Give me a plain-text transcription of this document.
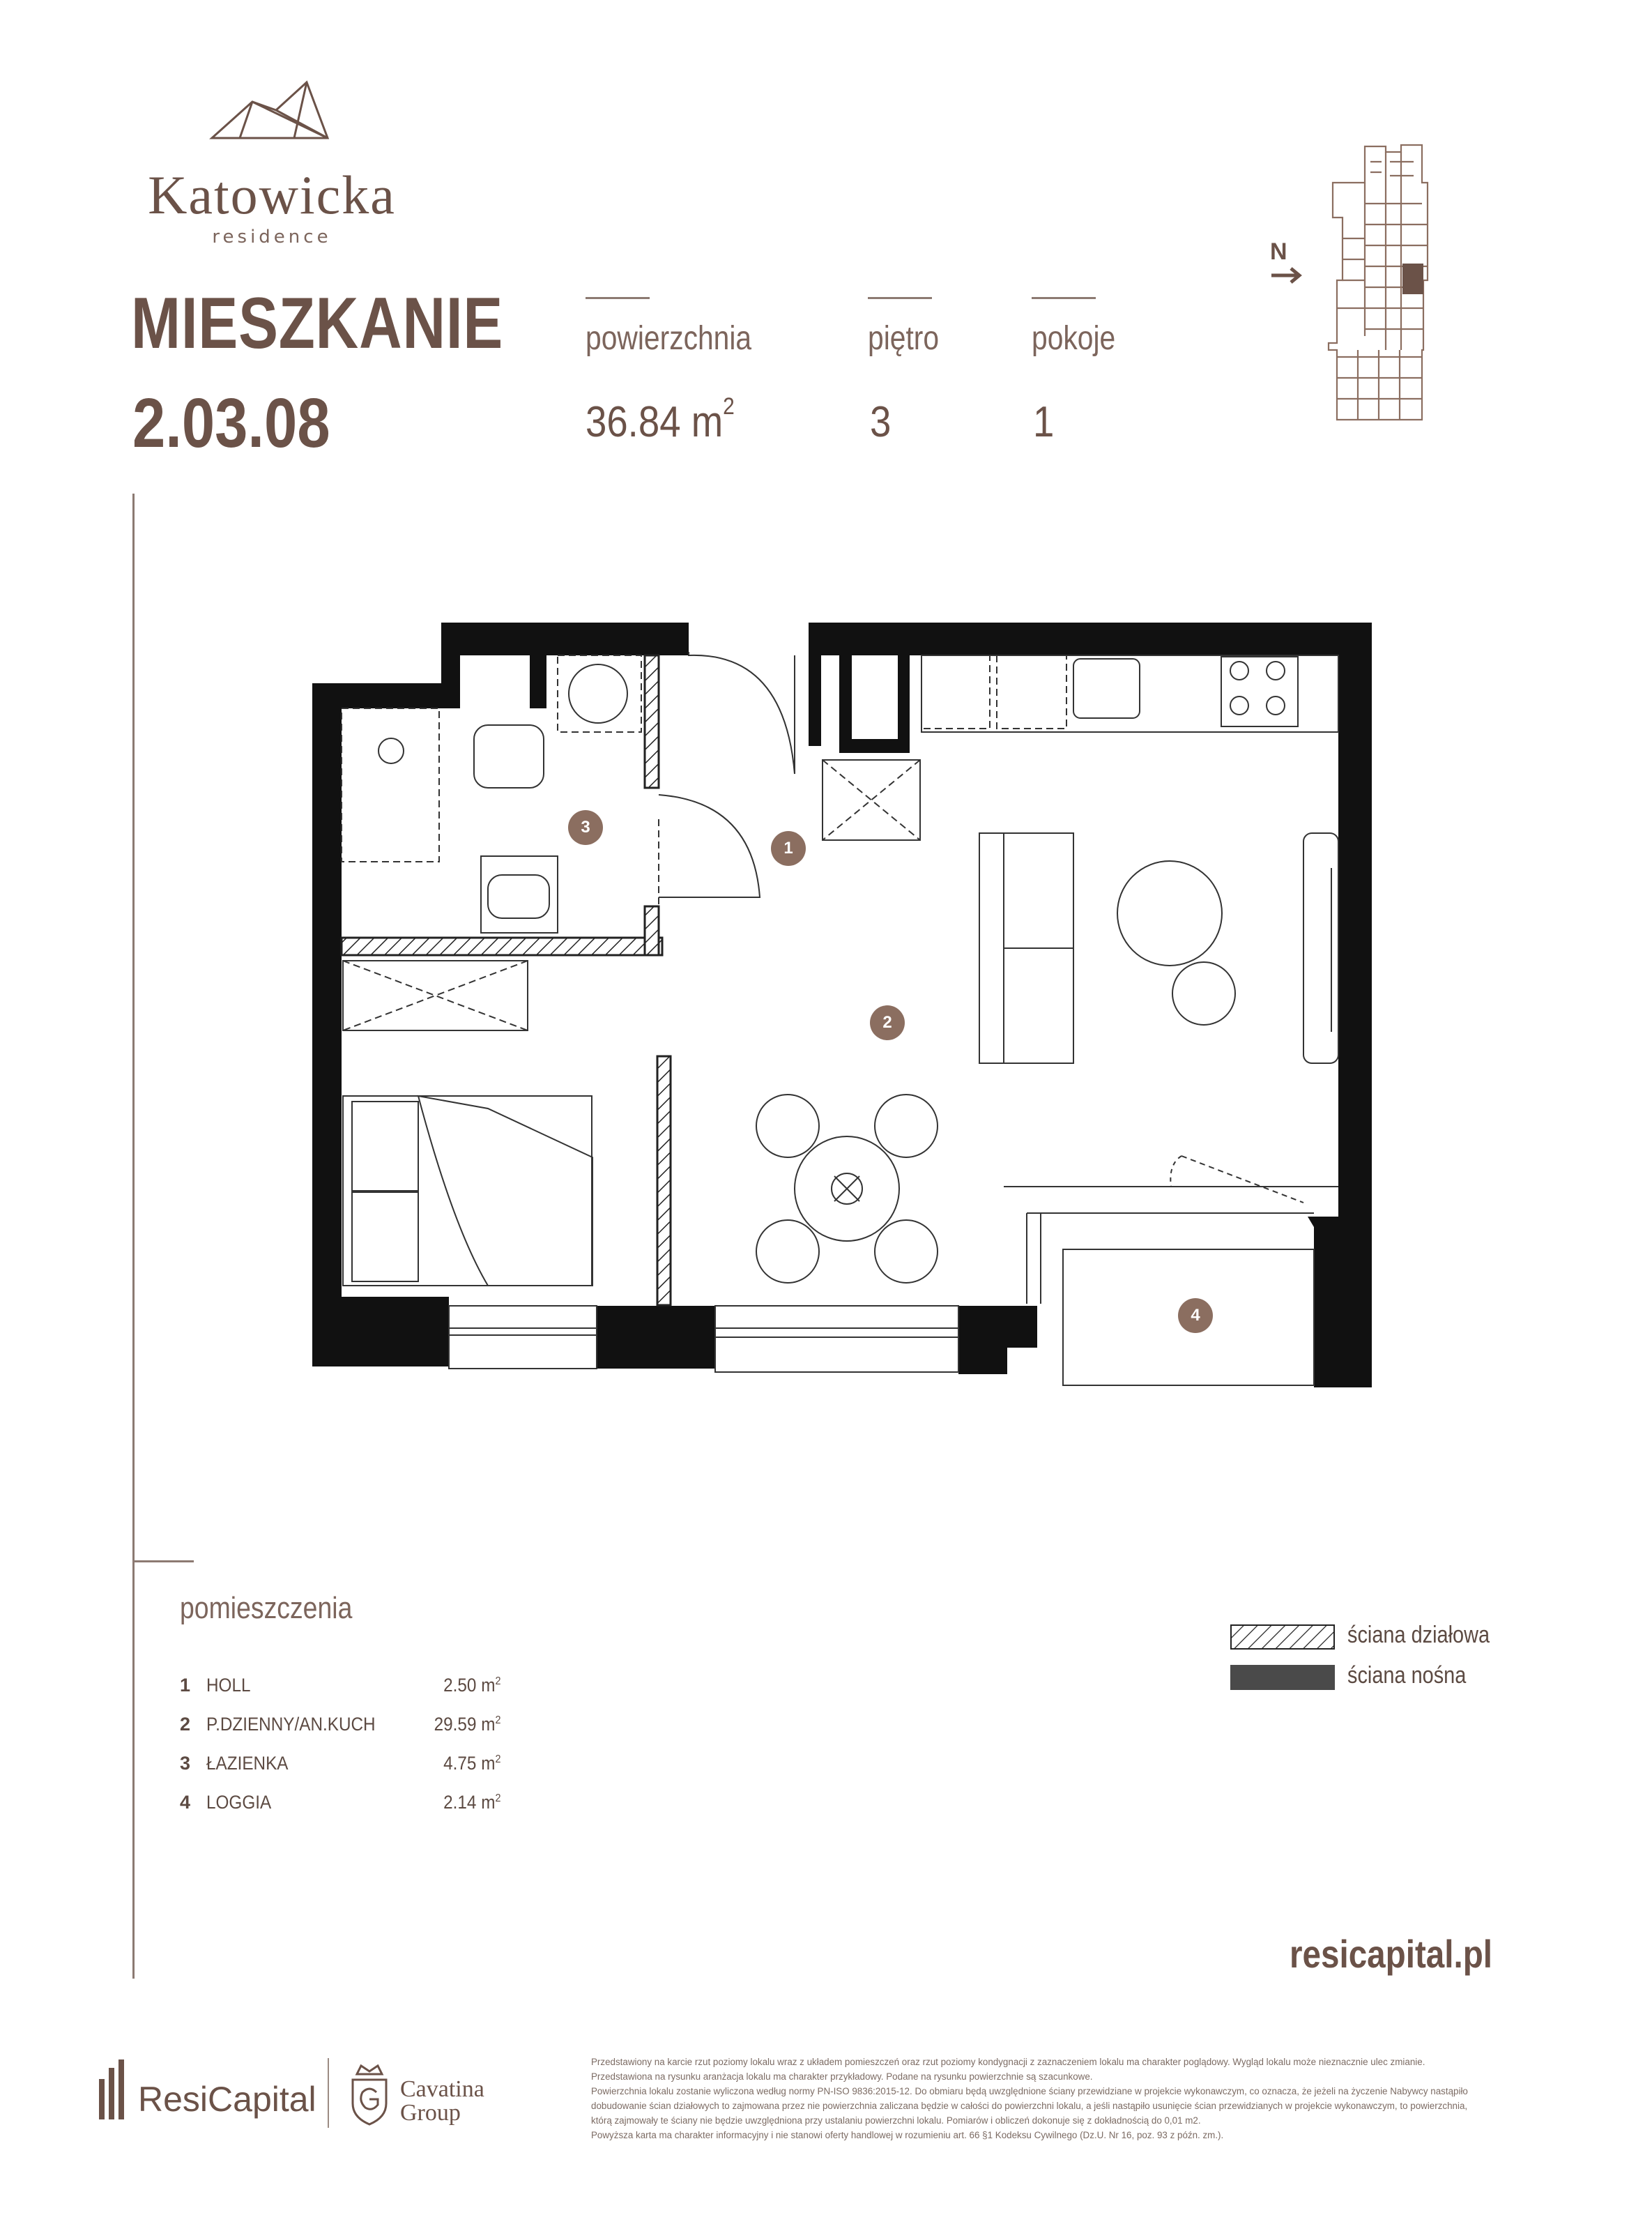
Katowicka
residence
MIESZKANIE
2.03.08
powierzchnia
36.84 $m^2$
piętro
3
pokoje
1
N
1
2
3
4
pomieszczenia
1 HOLL	2.50 $m^2$
2 P.DZIENNY/AN.KUCH	29.59 $m^2$
3 ŁAZIENKA	4.75 $m^2$
4 LOGGIA	2.14 $m^2$
ściana działowa
ściana nośna
resicapital.pl
ResiCapital	Cavatina
Group
Przedstawiony na karcie rzut poziomy lokalu wraz z układem pomieszczeń oraz rzut poziomy kondygnacji z zaznaczeniem lokalu ma charakter poglądowy. Wygląd lokalu może nieznacznie ulec zmianie.
Przedstawiona na rysunku aranżacja lokalu ma charakter przykładowy. Podane na rysunku powierzchnie są szacunkowe.
Powierzchnia lokalu zostanie wyliczona według normy PN-ISO 9836:2015-12. Do obmiaru będą uwzględnione ściany przewidziane w projekcie wykonawczym, co oznacza, że jeżeli na życzenie Nabywcy nastąpiło dobudowanie ścian działowych to zajmowana przez nie powierzchnia zaliczana będzie w całości do powierzchni lokalu, a jeśli nastąpiło usunięcie ścian przewidzianych w projekcie wykonawczym, to powierzchnia, którą zajmowały te ściany nie będzie uwzględniona przy ustalaniu powierzchni lokalu. Pomiarów i obliczeń dokonuje się z dokładnością do 0,01 m2.
Powyższa karta ma charakter informacyjny i nie stanowi oferty handlowej w rozumieniu art. 66 §1 Kodeksu Cywilnego (Dz.U. Nr 16, poz. 93 z późn. zm.).
